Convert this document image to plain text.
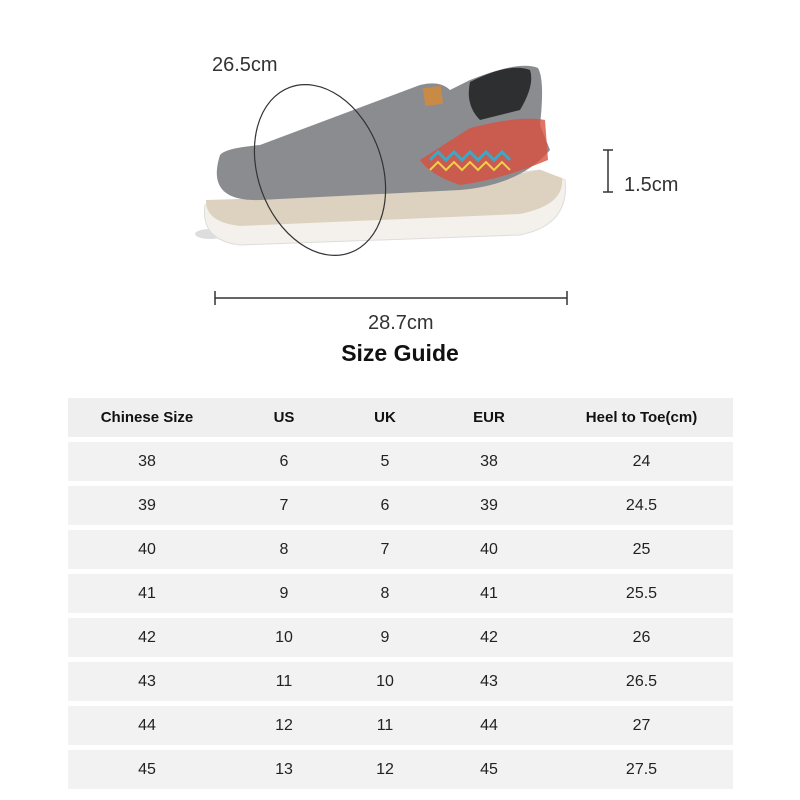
26.5cm
1.5cm
28.7cm
Size Guide
Chinese Size	US	UK	EUR	Heel to Toe(cm)
38	6	5	38	24
39	7	6	39	24.5
40	8	7	40	25
41	9	8	41	25.5
42	10	9	42	26
43	11	10	43	26.5
44	12	11	44	27
45	13	12	45	27.5
